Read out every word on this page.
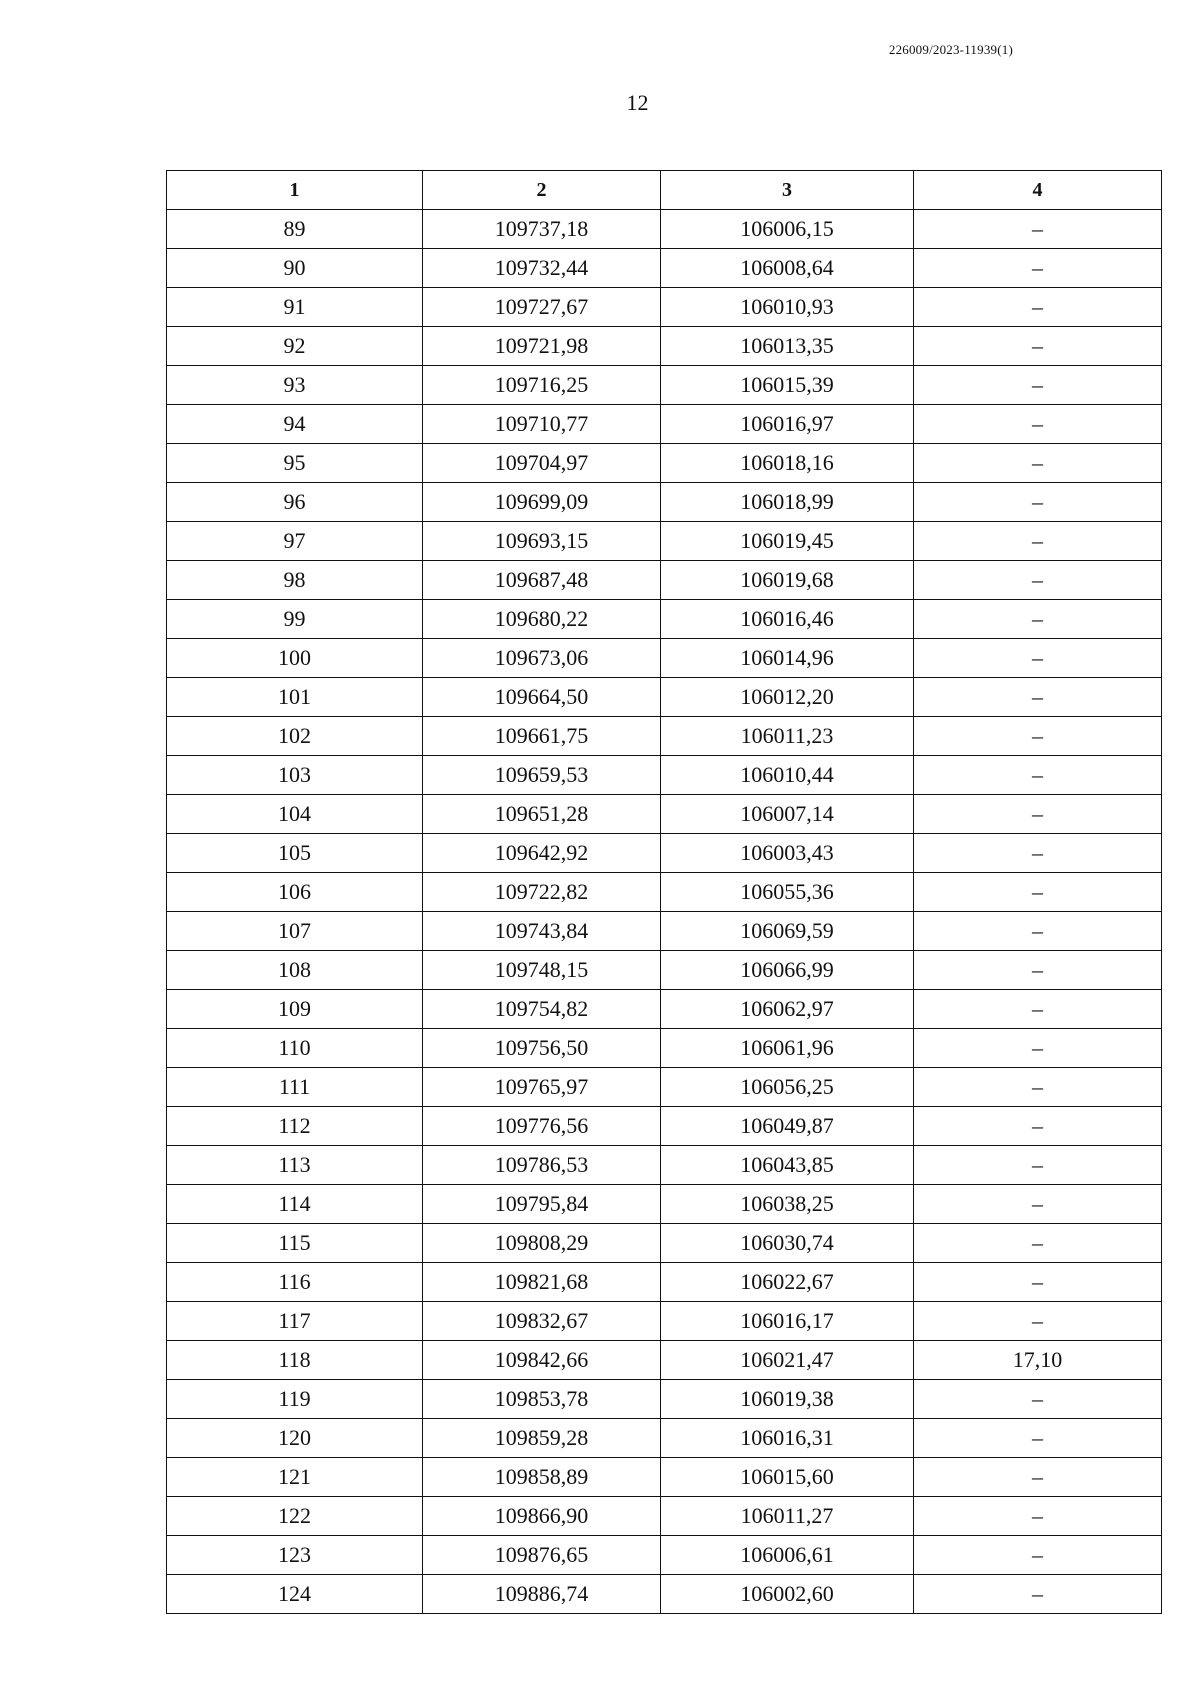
226009/2023-11939(1)
12
1	2	3	4
89	109737,18	106006,15	–
90	109732,44	106008,64	–
91	109727,67	106010,93	–
92	109721,98	106013,35	–
93	109716,25	106015,39	–
94	109710,77	106016,97	–
95	109704,97	106018,16	–
96	109699,09	106018,99	–
97	109693,15	106019,45	–
98	109687,48	106019,68	–
99	109680,22	106016,46	–
100	109673,06	106014,96	–
101	109664,50	106012,20	–
102	109661,75	106011,23	–
103	109659,53	106010,44	–
104	109651,28	106007,14	–
105	109642,92	106003,43	–
106	109722,82	106055,36	–
107	109743,84	106069,59	–
108	109748,15	106066,99	–
109	109754,82	106062,97	–
110	109756,50	106061,96	–
111	109765,97	106056,25	–
112	109776,56	106049,87	–
113	109786,53	106043,85	–
114	109795,84	106038,25	–
115	109808,29	106030,74	–
116	109821,68	106022,67	–
117	109832,67	106016,17	–
118	109842,66	106021,47	17,10
119	109853,78	106019,38	–
120	109859,28	106016,31	–
121	109858,89	106015,60	–
122	109866,90	106011,27	–
123	109876,65	106006,61	–
124	109886,74	106002,60	–
